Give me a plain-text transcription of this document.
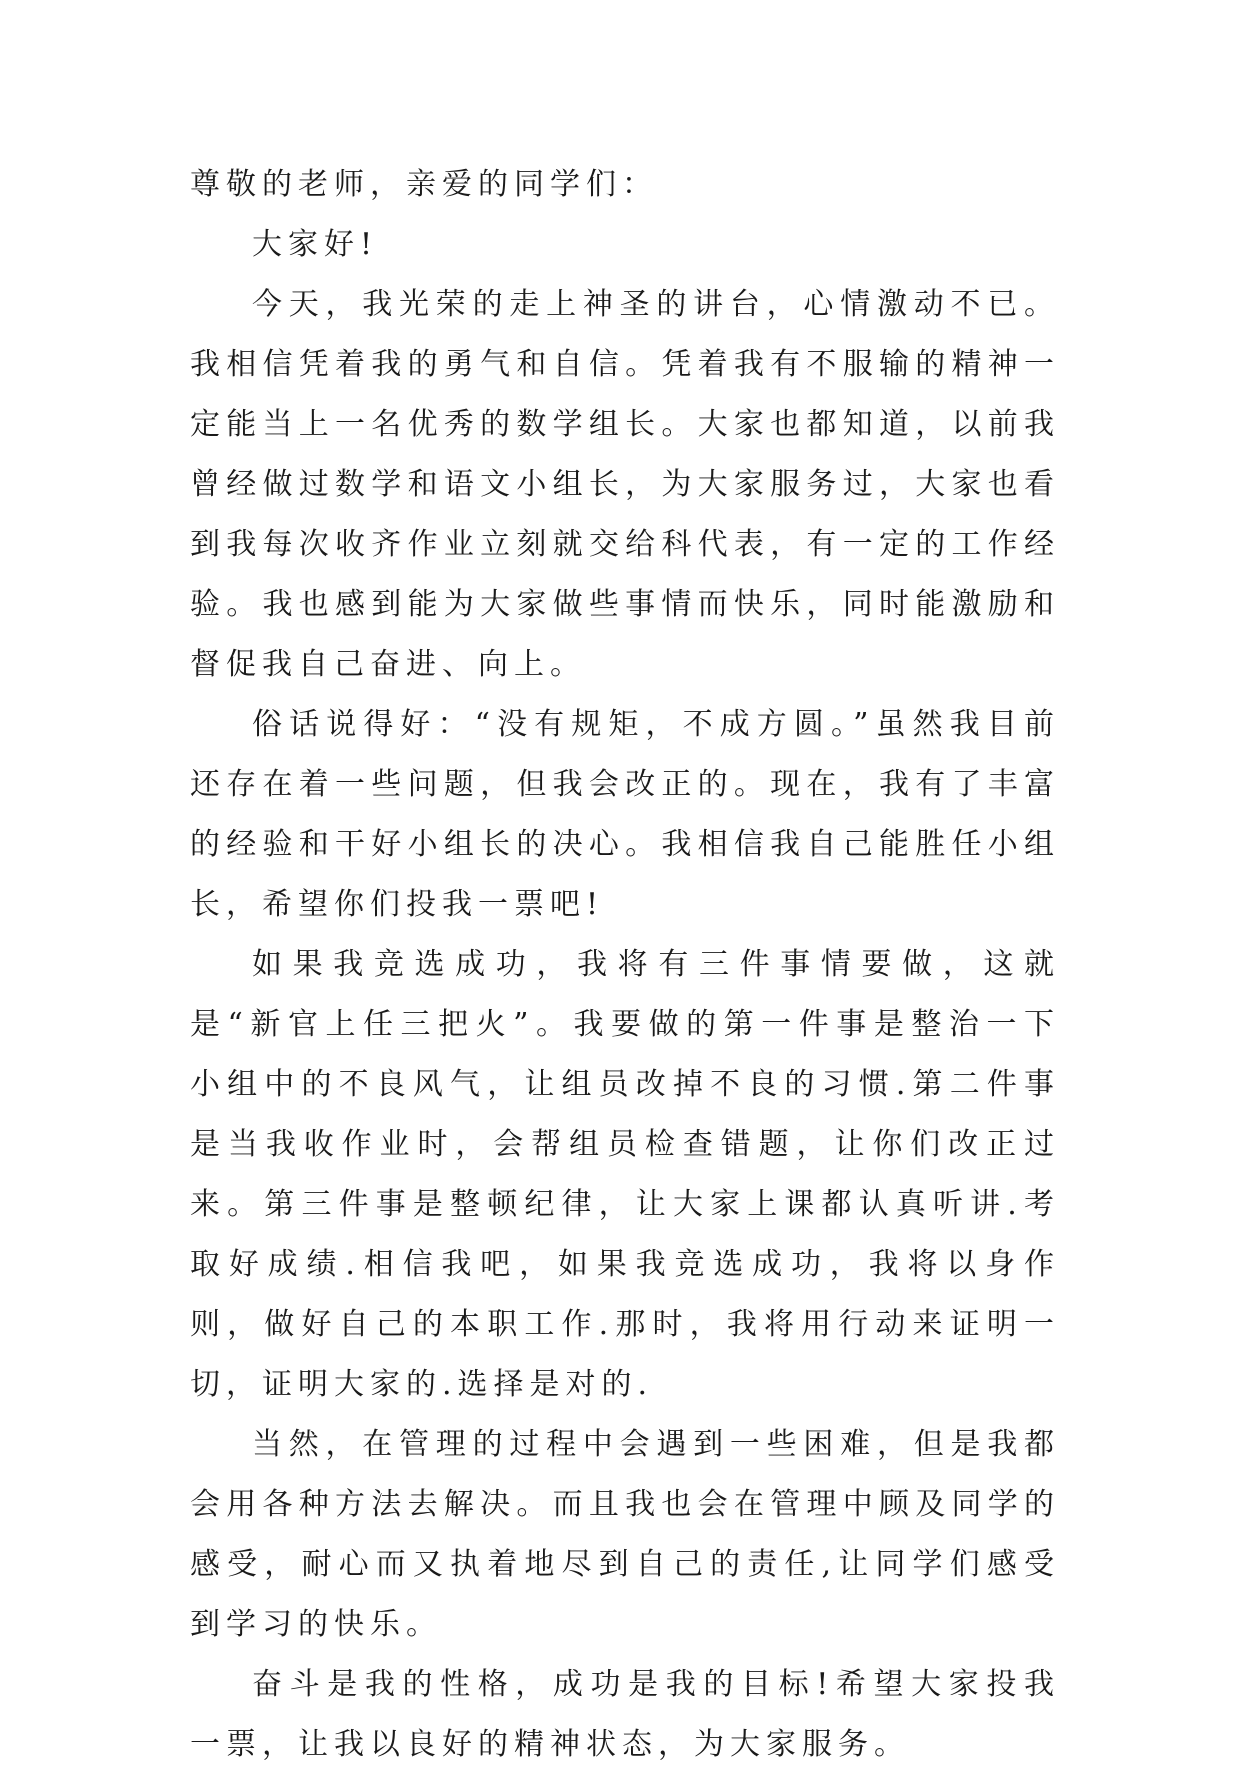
尊敬的老师，亲爱的同学们：

大家好!

今天，我光荣的走上神圣的讲台，心情激动不已。我相信凭着我的勇气和自信。凭着我有不服输的精神一定能当上一名优秀的数学组长。大家也都知道，以前我曾经做过数学和语文小组长，为大家服务过，大家也看到我每次收齐作业立刻就交给科代表，有一定的工作经验。我也感到能为大家做些事情而快乐，同时能激励和督促我自己奋进、向上。

俗话说得好：“没有规矩，不成方圆。”虽然我目前还存在着一些问题，但我会改正的。现在，我有了丰富的经验和干好小组长的决心。我相信我自己能胜任小组长，希望你们投我一票吧!

如果我竞选成功，我将有三件事情要做，这就是“新官上任三把火”。我要做的第一件事是整治一下小组中的不良风气，让组员改掉不良的习惯.第二件事是当我收作业时，会帮组员检查错题，让你们改正过来。第三件事是整顿纪律，让大家上课都认真听讲.考取好成绩.相信我吧，如果我竞选成功，我将以身作则，做好自己的本职工作.那时，我将用行动来证明一切，证明大家的.选择是对的.

当然，在管理的过程中会遇到一些困难，但是我都会用各种方法去解决。而且我也会在管理中顾及同学的感受，耐心而又执着地尽到自己的责任,让同学们感受到学习的快乐。

奋斗是我的性格，成功是我的目标!希望大家投我一票，让我以良好的精神状态，为大家服务。
